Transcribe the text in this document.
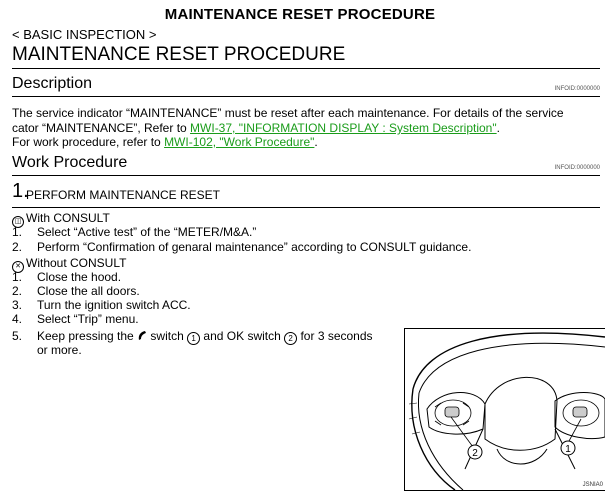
MAINTENANCE RESET PROCEDURE
< BASIC INSPECTION >
MAINTENANCE RESET PROCEDURE
Description	INFOID:0000000
The service indicator “MAINTENANCE” must be reset after each maintenance. For details of the service
cator “MAINTENANCE”, Refer to MWI-37, "INFORMATION DISPLAY : System Description".
For work procedure, refer to MWI-102, "Work Procedure".
Work Procedure	INFOID:0000000
1.
PERFORM MAINTENANCE RESET
◫ With CONSULT
1. Select “Active test” of the “METER/M&A.”
2. Perform “Confirmation of genaral maintenance” according to CONSULT guidance.
✕ Without CONSULT
1. Close the hood.
2. Close the all doors.
3. Turn the ignition switch ACC.
4. Select “Trip” menu.
5. Keep pressing the  switch 1 and OK switch 2 for 3 seconds
or more.
2	1
JSNIA0
